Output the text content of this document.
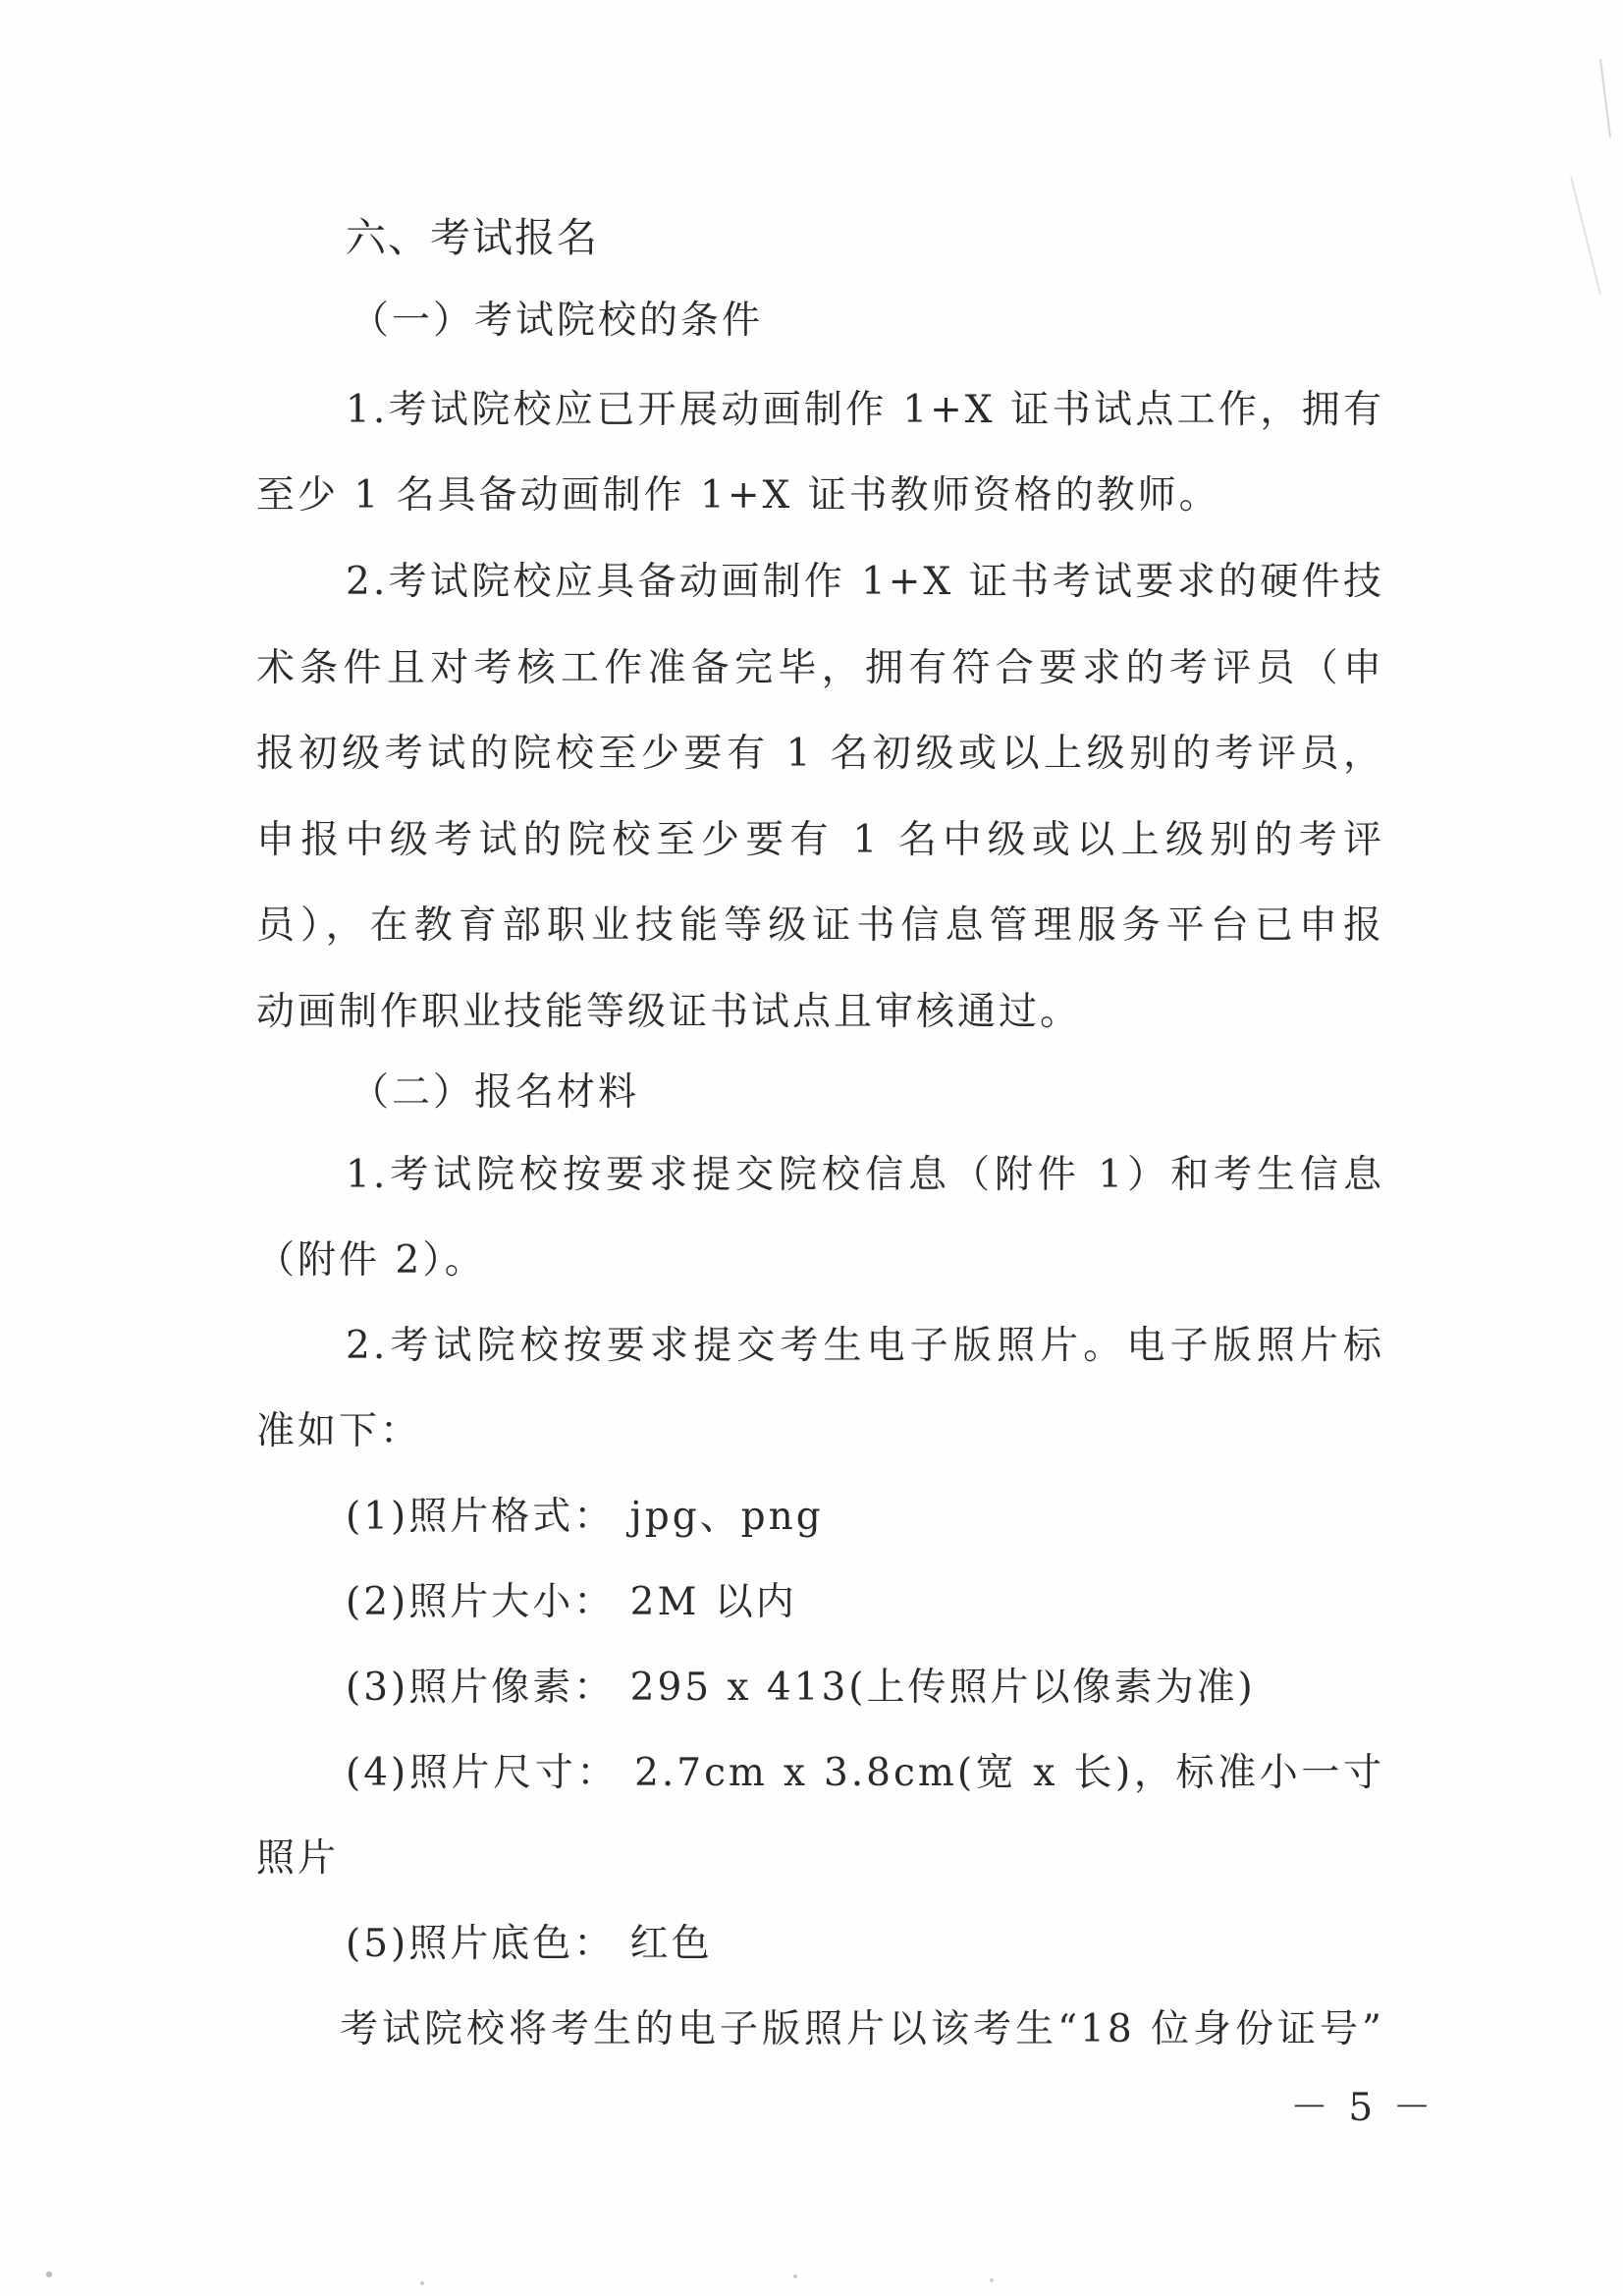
六、考试报名
（一）考试院校的条件
1.考试院校应已开展动画制作 1+X 证书试点工作，拥有
至少 1 名具备动画制作 1+X 证书教师资格的教师。
2.考试院校应具备动画制作 1+X 证书考试要求的硬件技
术条件且对考核工作准备完毕，拥有符合要求的考评员（申
报初级考试的院校至少要有 1 名初级或以上级别的考评员，
申报中级考试的院校至少要有 1 名中级或以上级别的考评
员），在教育部职业技能等级证书信息管理服务平台已申报
动画制作职业技能等级证书试点且审核通过。
（二）报名材料
1.考试院校按要求提交院校信息（附件 1）和考生信息
（附件 2）。
2.考试院校按要求提交考生电子版照片。电子版照片标
准如下：
(1)照片格式： jpg、png
(2)照片大小： 2M 以内
(3)照片像素： 295 x 413(上传照片以像素为准)
(4)照片尺寸： 2.7cm x 3.8cm(宽 x 长)，标准小一寸
照片
(5)照片底色： 红色
考试院校将考生的电子版照片以该考生“18 位身份证号”
－ 5 －
